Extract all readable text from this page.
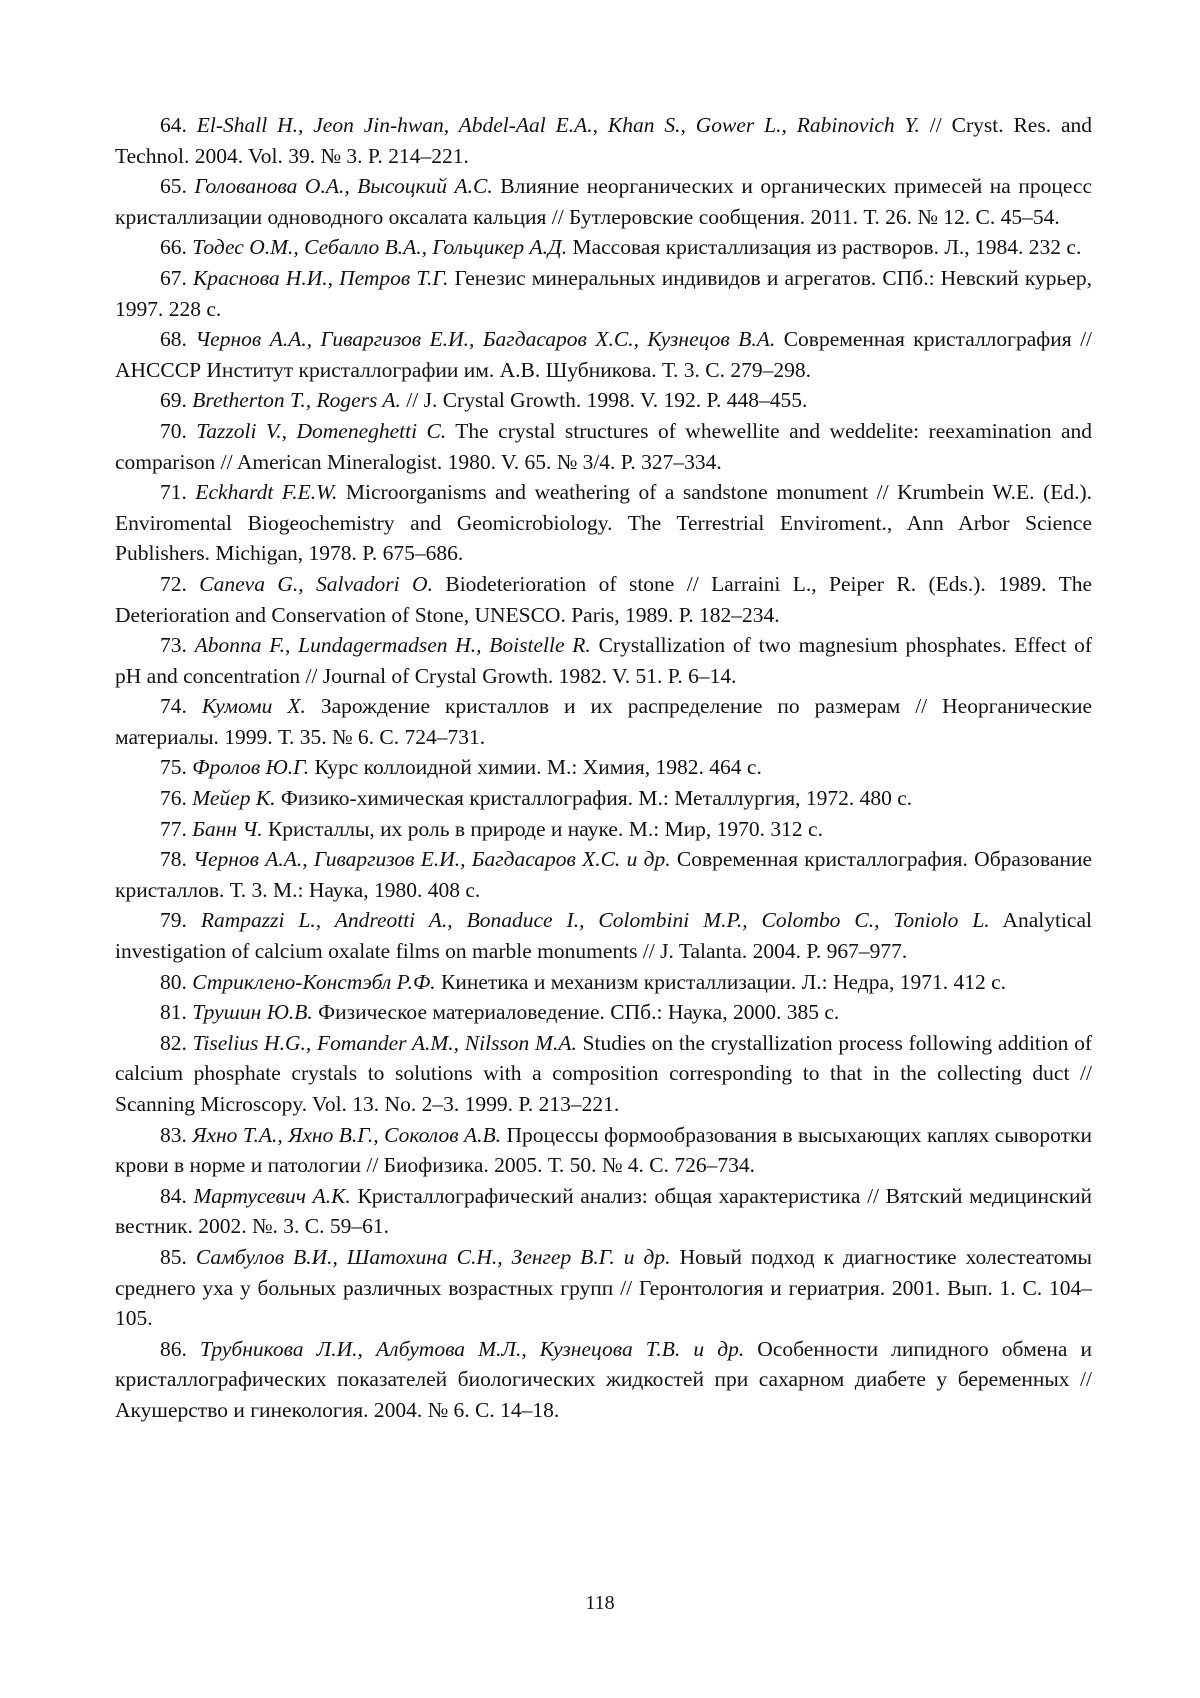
64. El-Shall H., Jeon Jin-hwan, Abdel-Aal E.A., Khan S., Gower L., Rabinovich Y. // Cryst. Res. and Technol. 2004. Vol. 39. № 3. P. 214–221.

65. Голованова О.А., Высоцкий А.С. Влияние неорганических и органических примесей на процесс кристаллизации одноводного оксалата кальция // Бутлеровские сообщения. 2011. Т. 26. № 12. С. 45–54.

66. Тодес О.М., Себалло В.А., Гольцикер А.Д. Массовая кристаллизация из растворов. Л., 1984. 232 с.

67. Краснова Н.И., Петров Т.Г. Генезис минеральных индивидов и агрегатов. СПб.: Невский курьер, 1997. 228 с.

68. Чернов А.А., Гиваргизов Е.И., Багдасаров Х.С., Кузнецов В.А. Современная кристаллография // АНСССР Институт кристаллографии им. А.В. Шубникова. Т. 3. С. 279–298.

69. Bretherton T., Rogers A. // J. Crystal Growth. 1998. V. 192. P. 448–455.

70. Tazzoli V., Domeneghetti C. The crystal structures of whewellite and weddelite: reexamination and comparison // American Mineralogist. 1980. V. 65. № 3/4. P. 327–334.

71. Eckhardt F.E.W. Microorganisms and weathering of a sandstone monument // Krumbein W.E. (Ed.). Enviromental Biogeochemistry and Geomicrobiology. The Terrestrial Enviroment., Ann Arbor Science Publishers. Michigan, 1978. P. 675–686.

72. Caneva G., Salvadori O. Biodeterioration of stone // Larraini L., Peiper R. (Eds.). 1989. The Deterioration and Conservation of Stone, UNESCO. Paris, 1989. P. 182–234.

73. Abonna F., Lundagermadsen H., Boistelle R. Crystallization of two magnesium phosphates. Effect of pH and concentration // Journal of Crystal Growth. 1982. V. 51. P. 6–14.

74. Кумоми Х. Зарождение кристаллов и их распределение по размерам // Неорганические материалы. 1999. Т. 35. № 6. С. 724–731.

75. Фролов Ю.Г. Курс коллоидной химии. М.: Химия, 1982. 464 с.

76. Мейер К. Физико-химическая кристаллография. М.: Металлургия, 1972. 480 с.

77. Банн Ч. Кристаллы, их роль в природе и науке. М.: Мир, 1970. 312 с.

78. Чернов А.А., Гиваргизов Е.И., Багдасаров Х.С. и др. Современная кристаллография. Образование кристаллов. Т. 3. М.: Наука, 1980. 408 с.

79. Rampazzi L., Andreotti A., Bonaduce I., Colombini M.P., Colombo C., Toniolo L. Analytical investigation of calcium oxalate films on marble monuments // J. Talanta. 2004. P. 967–977.

80. Стриклено-Констэбл Р.Ф. Кинетика и механизм кристаллизации. Л.: Недра, 1971. 412 с.

81. Трушин Ю.В. Физическое материаловедение. СПб.: Наука, 2000. 385 с.

82. Tiselius H.G., Fomander A.M., Nilsson M.A. Studies on the crystallization process following addition of calcium phosphate crystals to solutions with a composition corresponding to that in the collecting duct // Scanning Microscopy. Vol. 13. No. 2–3. 1999. P. 213–221.

83. Яхно Т.А., Яхно В.Г., Соколов А.В. Процессы формообразования в высыхающих каплях сыворотки крови в норме и патологии // Биофизика. 2005. Т. 50. № 4. С. 726–734.

84. Мартусевич А.К. Кристаллографический анализ: общая характеристика // Вятский медицинский вестник. 2002. №. 3. С. 59–61.

85. Самбулов В.И., Шатохина С.Н., Зенгер В.Г. и др. Новый подход к диагностике холестеатомы среднего уха у больных различных возрастных групп // Геронтология и гериатрия. 2001. Вып. 1. С. 104–105.

86. Трубникова Л.И., Албутова М.Л., Кузнецова Т.В. и др. Особенности липидного обмена и кристаллографических показателей биологических жидкостей при сахарном диабете у беременных // Акушерство и гинекология. 2004. № 6. С. 14–18.

118
